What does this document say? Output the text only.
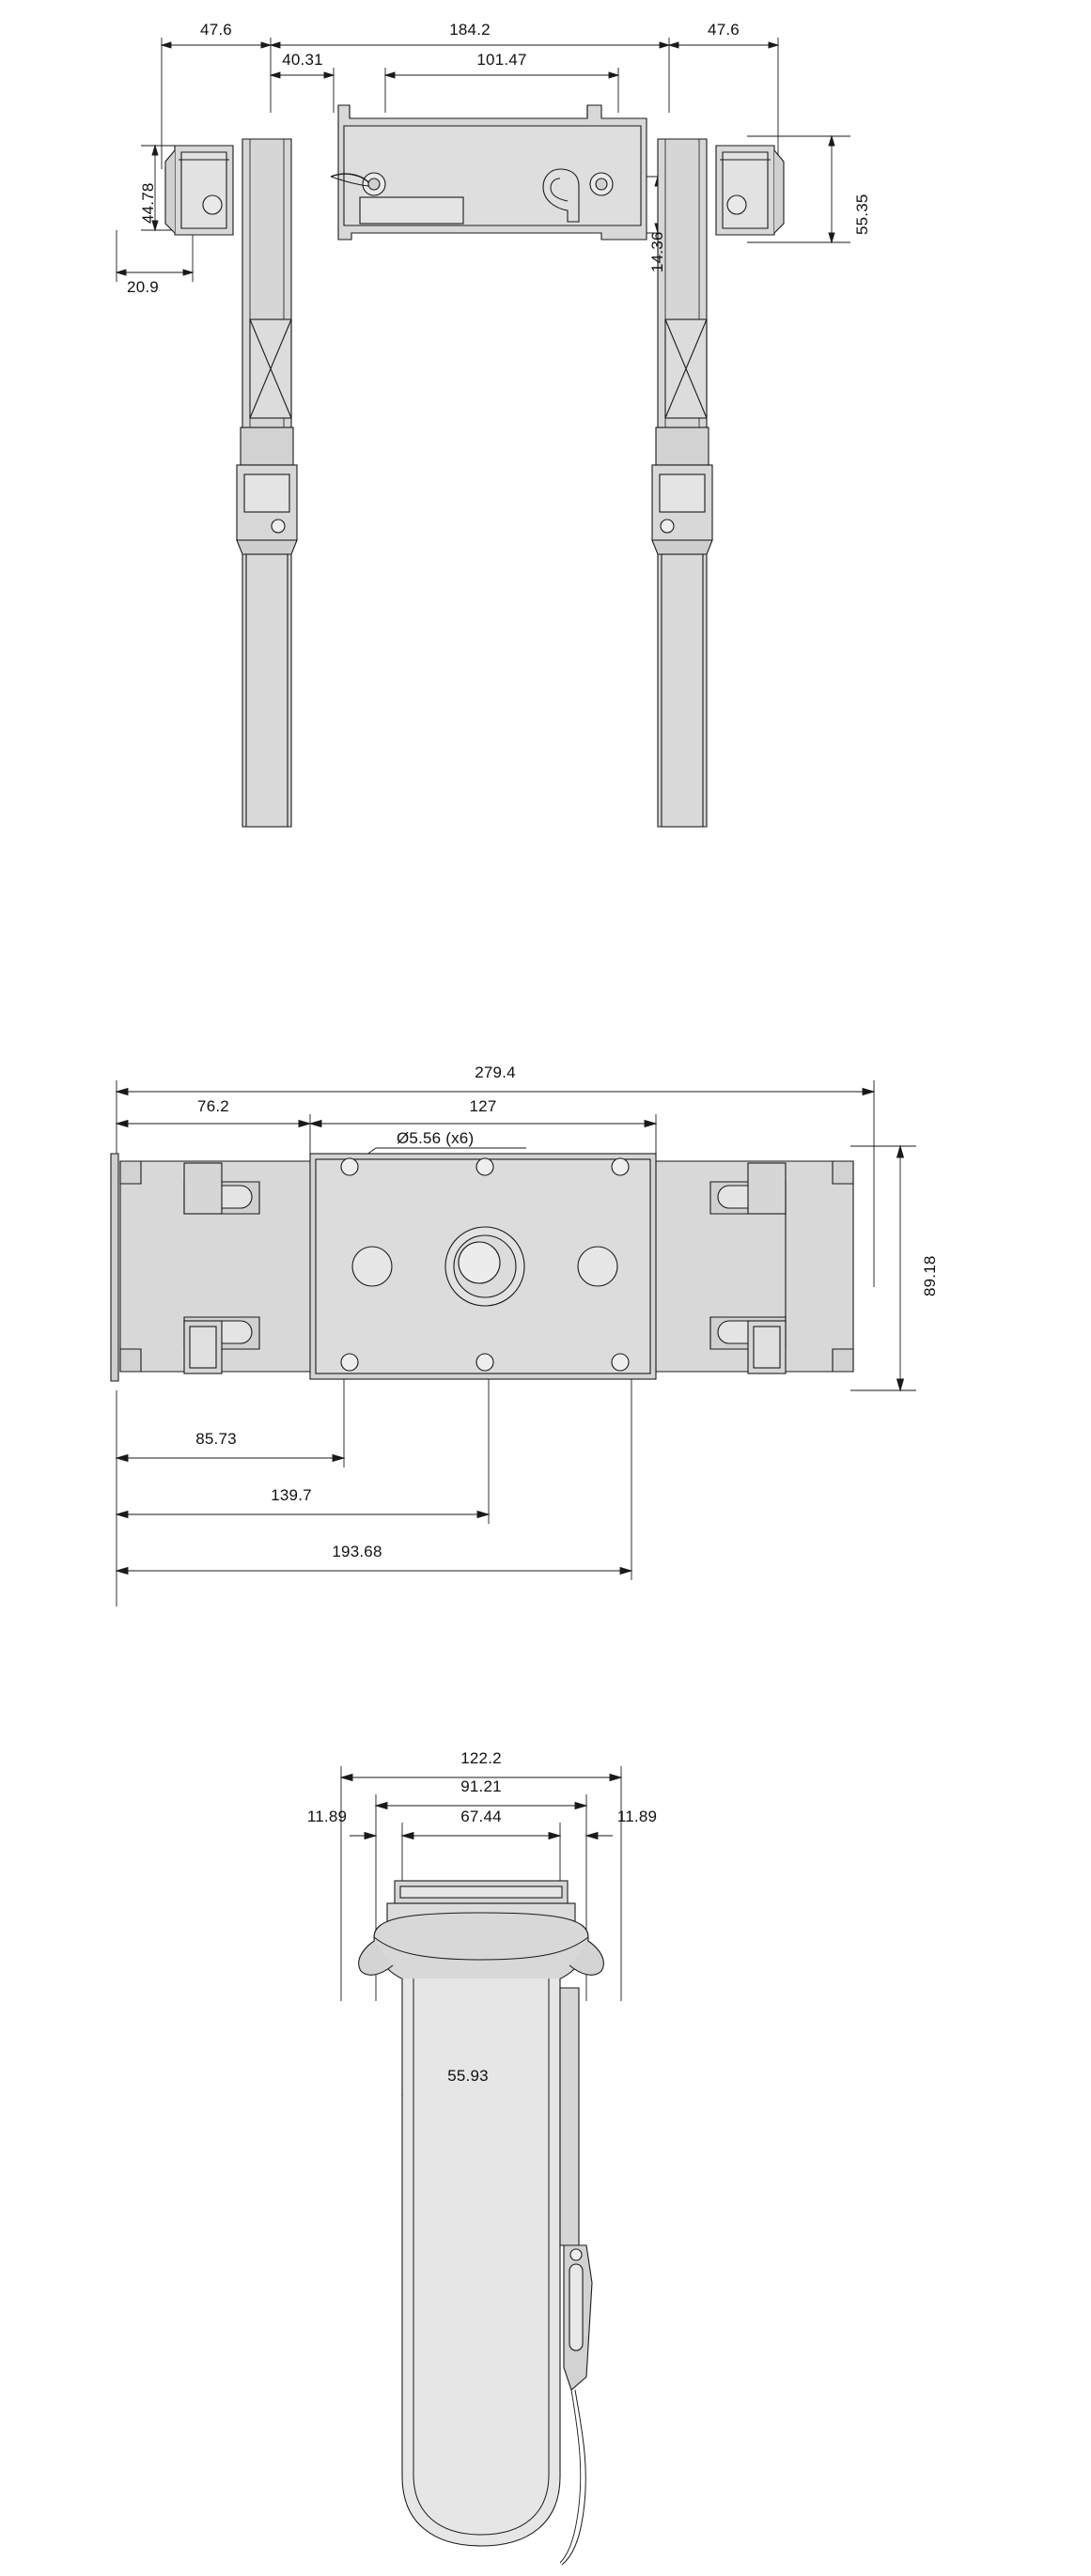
47.6	184.2	47.6
40.31	101.47
44.78	55.35
20.9
14.36
279.4
76.2	127
Ø5.56 (x6)
89.18
85.73
139.7
193.68
122.2
91.21
67.44
11.89	11.89
55.93
